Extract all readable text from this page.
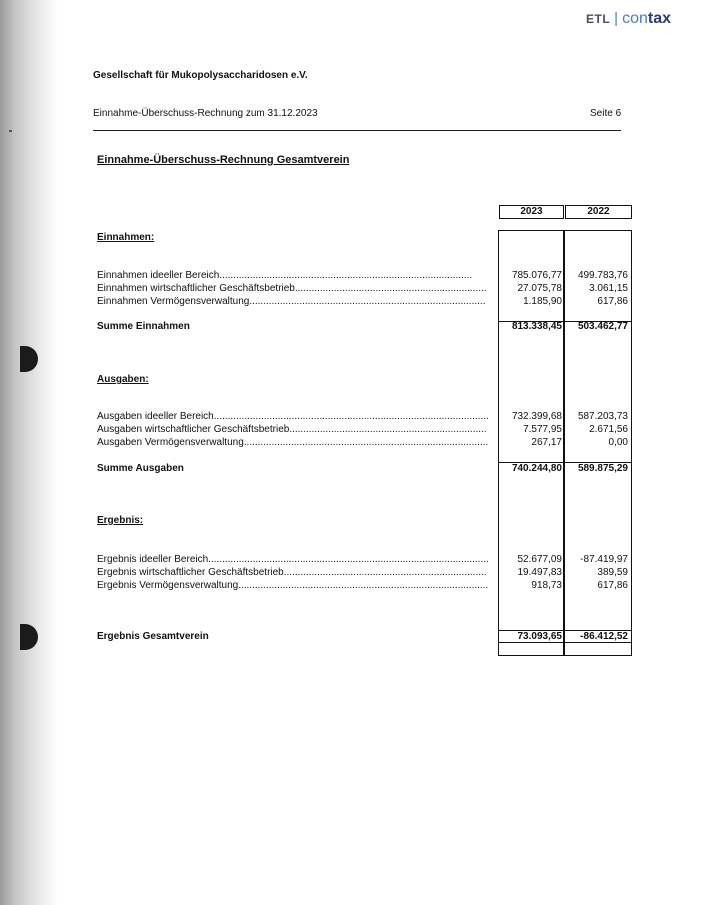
ETL | contax
Gesellschaft für Mukopolysaccharidosen e.V.
Einnahme-Überschuss-Rechnung zum 31.12.2023	Seite 6
Einnahme-Überschuss-Rechnung Gesamtverein
2023	2022
Einnahmen:
Einnahmen ideeller Bereich...........................................................................................	785.076,77	499.783,76
Einnahmen wirtschaftlicher Geschäftsbetrieb.....................................................................	27.075,78	3.061,15
Einnahmen Vermögensverwaltung.....................................................................................	1.185,90	617,86
Summe Einnahmen	813.338,45	503.462,77
Ausgaben:
Ausgaben ideeller Bereich...................................................................................................	732.399,68	587.203,73
Ausgaben wirtschaftlicher Geschäftsbetrieb.......................................................................	7.577,95	2.671,56
Ausgaben Vermögensverwaltung........................................................................................	267,17	0,00
Summe Ausgaben	740.244,80	589.875,29
Ergebnis:
Ergebnis ideeller Bereich.....................................................................................................	52.677,09	-87.419,97
Ergebnis wirtschaftlicher Geschäftsbetrieb.........................................................................	19.497,83	389,59
Ergebnis Vermögensverwaltung..........................................................................................	918,73	617,86
Ergebnis Gesamtverein	73.093,65	-86.412,52
